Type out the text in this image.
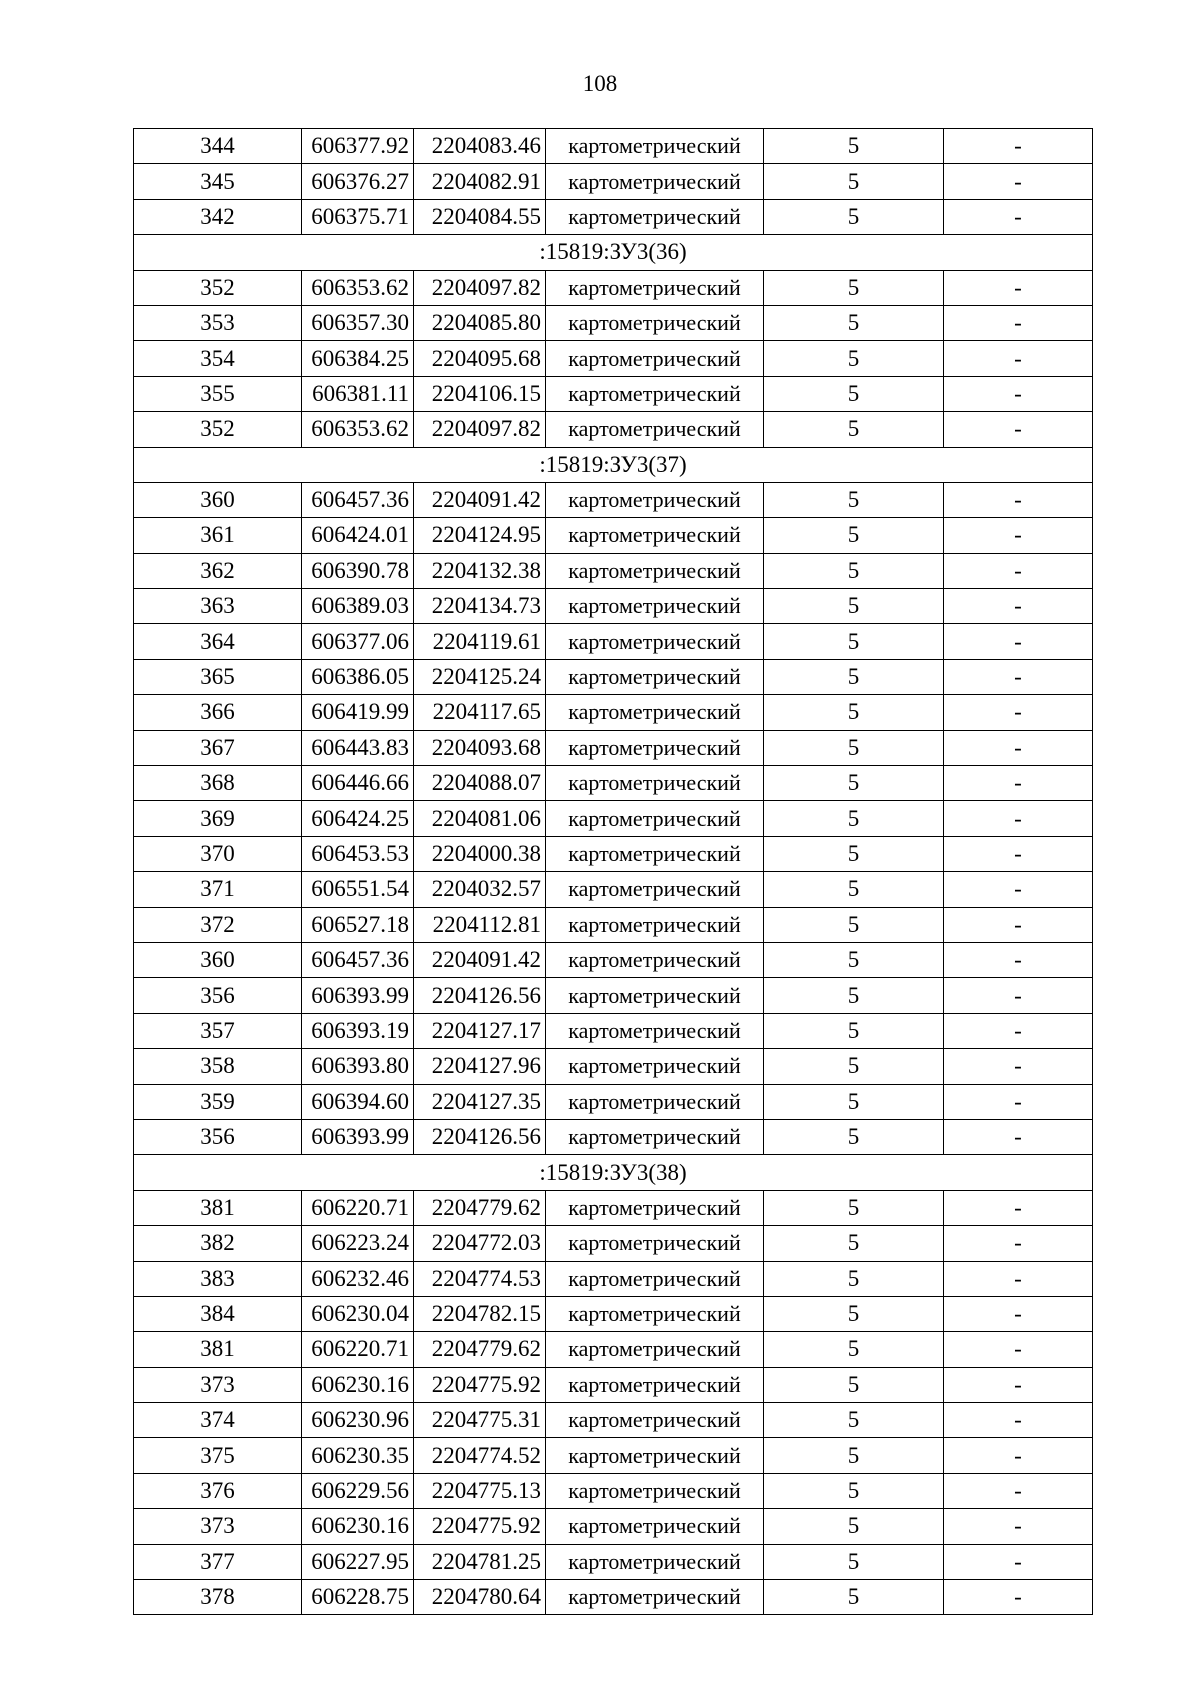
108
344	606377.92	2204083.46	картометрический	5	-
345	606376.27	2204082.91	картометрический	5	-
342	606375.71	2204084.55	картометрический	5	-
:15819:ЗУ3(36)					
352	606353.62	2204097.82	картометрический	5	-
353	606357.30	2204085.80	картометрический	5	-
354	606384.25	2204095.68	картометрический	5	-
355	606381.11	2204106.15	картометрический	5	-
352	606353.62	2204097.82	картометрический	5	-
:15819:ЗУ3(37)					
360	606457.36	2204091.42	картометрический	5	-
361	606424.01	2204124.95	картометрический	5	-
362	606390.78	2204132.38	картометрический	5	-
363	606389.03	2204134.73	картометрический	5	-
364	606377.06	2204119.61	картометрический	5	-
365	606386.05	2204125.24	картометрический	5	-
366	606419.99	2204117.65	картометрический	5	-
367	606443.83	2204093.68	картометрический	5	-
368	606446.66	2204088.07	картометрический	5	-
369	606424.25	2204081.06	картометрический	5	-
370	606453.53	2204000.38	картометрический	5	-
371	606551.54	2204032.57	картометрический	5	-
372	606527.18	2204112.81	картометрический	5	-
360	606457.36	2204091.42	картометрический	5	-
356	606393.99	2204126.56	картометрический	5	-
357	606393.19	2204127.17	картометрический	5	-
358	606393.80	2204127.96	картометрический	5	-
359	606394.60	2204127.35	картометрический	5	-
356	606393.99	2204126.56	картометрический	5	-
:15819:ЗУ3(38)					
381	606220.71	2204779.62	картометрический	5	-
382	606223.24	2204772.03	картометрический	5	-
383	606232.46	2204774.53	картометрический	5	-
384	606230.04	2204782.15	картометрический	5	-
381	606220.71	2204779.62	картометрический	5	-
373	606230.16	2204775.92	картометрический	5	-
374	606230.96	2204775.31	картометрический	5	-
375	606230.35	2204774.52	картометрический	5	-
376	606229.56	2204775.13	картометрический	5	-
373	606230.16	2204775.92	картометрический	5	-
377	606227.95	2204781.25	картометрический	5	-
378	606228.75	2204780.64	картометрический	5	-
